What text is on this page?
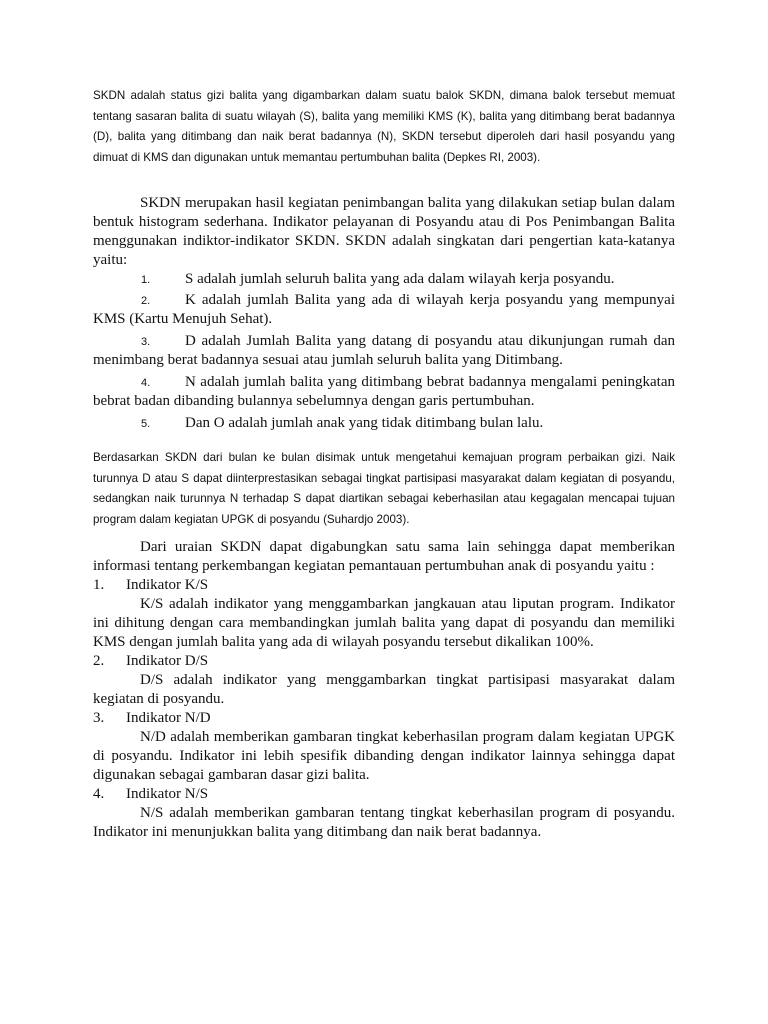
SKDN adalah status gizi balita yang digambarkan dalam suatu balok SKDN, dimana balok tersebut memuat tentang sasaran balita di suatu wilayah (S), balita yang memiliki KMS (K), balita yang ditimbang berat badannya (D), balita yang ditimbang dan naik berat badannya (N), SKDN tersebut diperoleh dari hasil posyandu yang dimuat di KMS dan digunakan untuk memantau pertumbuhan balita (Depkes RI, 2003).

SKDN merupakan hasil kegiatan penimbangan balita yang dilakukan setiap bulan dalam bentuk histogram sederhana. Indikator pelayanan di Posyandu atau di Pos Penimbangan Balita menggunakan indiktor-indikator SKDN. SKDN adalah singkatan dari pengertian kata-katanya yaitu:

1.	S adalah jumlah seluruh balita yang ada dalam wilayah kerja posyandu.
2.	K adalah jumlah Balita yang ada di wilayah kerja posyandu yang mempunyai KMS (Kartu Menujuh Sehat).
3.	D adalah Jumlah Balita yang datang di posyandu atau dikunjungan rumah dan menimbang berat badannya sesuai atau jumlah seluruh balita yang Ditimbang.
4.	N adalah jumlah balita yang ditimbang bebrat badannya mengalami peningkatan bebrat badan dibanding bulannya sebelumnya dengan garis pertumbuhan.
5.	Dan O adalah jumlah anak yang tidak ditimbang bulan lalu.
Berdasarkan SKDN dari bulan ke bulan disimak untuk mengetahui kemajuan program perbaikan gizi. Naik turunnya D atau S dapat diinterprestasikan sebagai tingkat partisipasi masyarakat dalam kegiatan di posyandu, sedangkan naik turunnya N terhadap S dapat diartikan sebagai keberhasilan atau kegagalan mencapai tujuan program dalam kegiatan UPGK di posyandu (Suhardjo 2003).

Dari uraian SKDN dapat digabungkan satu sama lain sehingga dapat memberikan informasi tentang perkembangan kegiatan pemantauan pertumbuhan anak di posyandu yaitu :

1. Indikator K/S

K/S adalah indikator yang menggambarkan jangkauan atau liputan program. Indikator ini dihitung dengan cara membandingkan jumlah balita yang dapat di posyandu dan memiliki KMS dengan jumlah balita yang ada di wilayah posyandu tersebut dikalikan 100%.

2. Indikator D/S

D/S adalah indikator yang menggambarkan tingkat partisipasi masyarakat dalam kegiatan di posyandu.

3. Indikator N/D

N/D adalah memberikan gambaran tingkat keberhasilan program dalam kegiatan UPGK di posyandu. Indikator ini lebih spesifik dibanding dengan indikator lainnya sehingga dapat digunakan sebagai gambaran dasar gizi balita.

4. Indikator N/S

N/S adalah memberikan gambaran tentang tingkat keberhasilan program di posyandu. Indikator ini menunjukkan balita yang ditimbang dan naik berat badannya.
